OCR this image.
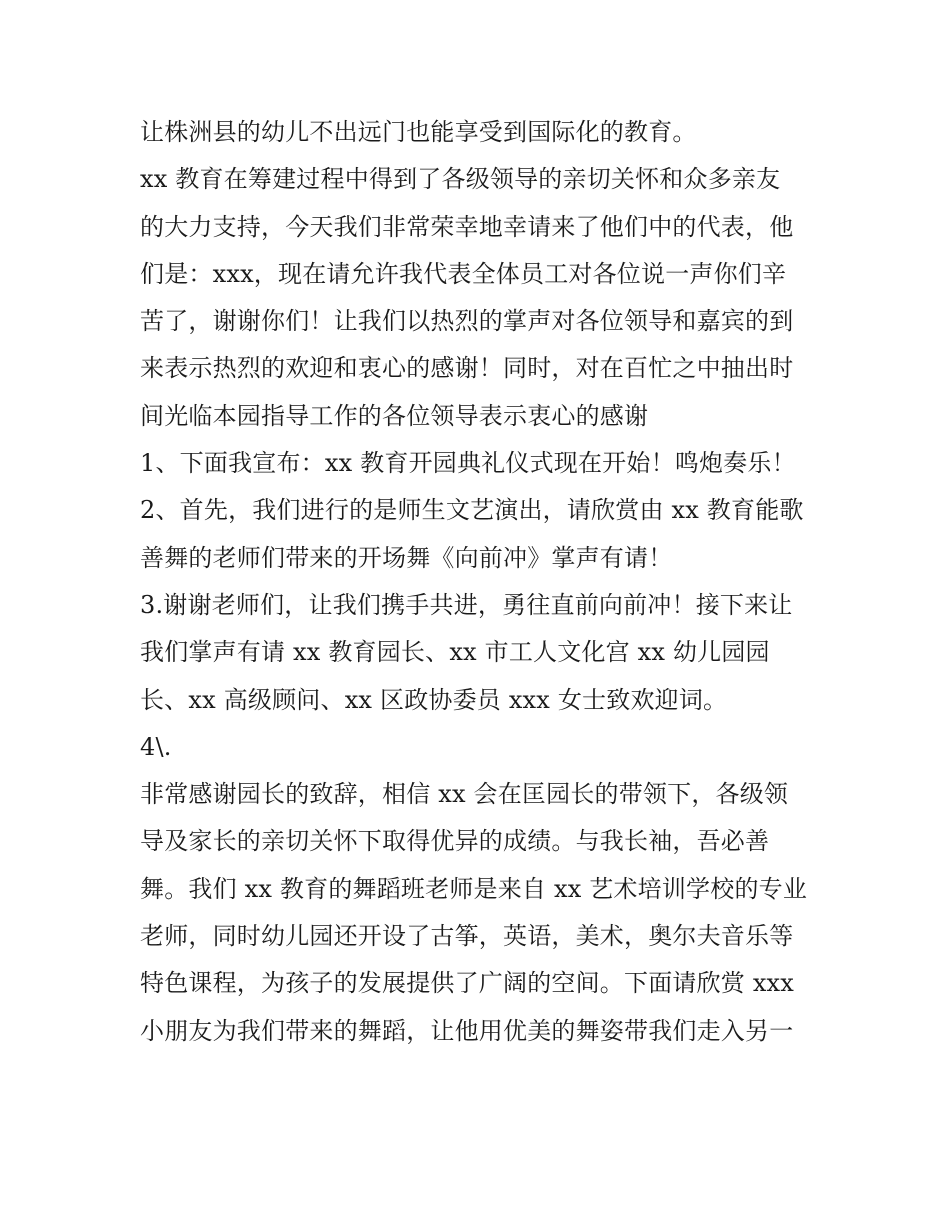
让株洲县的幼儿不出远门也能享受到国际化的教育。
xx 教育在筹建过程中得到了各级领导的亲切关怀和众多亲友
的大力支持，今天我们非常荣幸地幸请来了他们中的代表，他
们是：xxx，现在请允许我代表全体员工对各位说一声你们辛
苦了，谢谢你们！让我们以热烈的掌声对各位领导和嘉宾的到
来表示热烈的欢迎和衷心的感谢！同时，对在百忙之中抽出时
间光临本园指导工作的各位领导表示衷心的感谢
1、下面我宣布：xx 教育开园典礼仪式现在开始！鸣炮奏乐！
2、首先，我们进行的是师生文艺演出，请欣赏由 xx 教育能歌
善舞的老师们带来的开场舞《向前冲》掌声有请！
3.谢谢老师们，让我们携手共进，勇往直前向前冲！接下来让
我们掌声有请 xx 教育园长、xx 市工人文化宫 xx 幼儿园园
长、xx 高级顾问、xx 区政协委员 xxx 女士致欢迎词。
4\.
非常感谢园长的致辞，相信 xx 会在匡园长的带领下，各级领
导及家长的亲切关怀下取得优异的成绩。与我长袖，吾必善
舞。我们 xx 教育的舞蹈班老师是来自 xx 艺术培训学校的专业
老师，同时幼儿园还开设了古筝，英语，美术，奥尔夫音乐等
特色课程，为孩子的发展提供了广阔的空间。下面请欣赏 xxx
小朋友为我们带来的舞蹈，让他用优美的舞姿带我们走入另一
